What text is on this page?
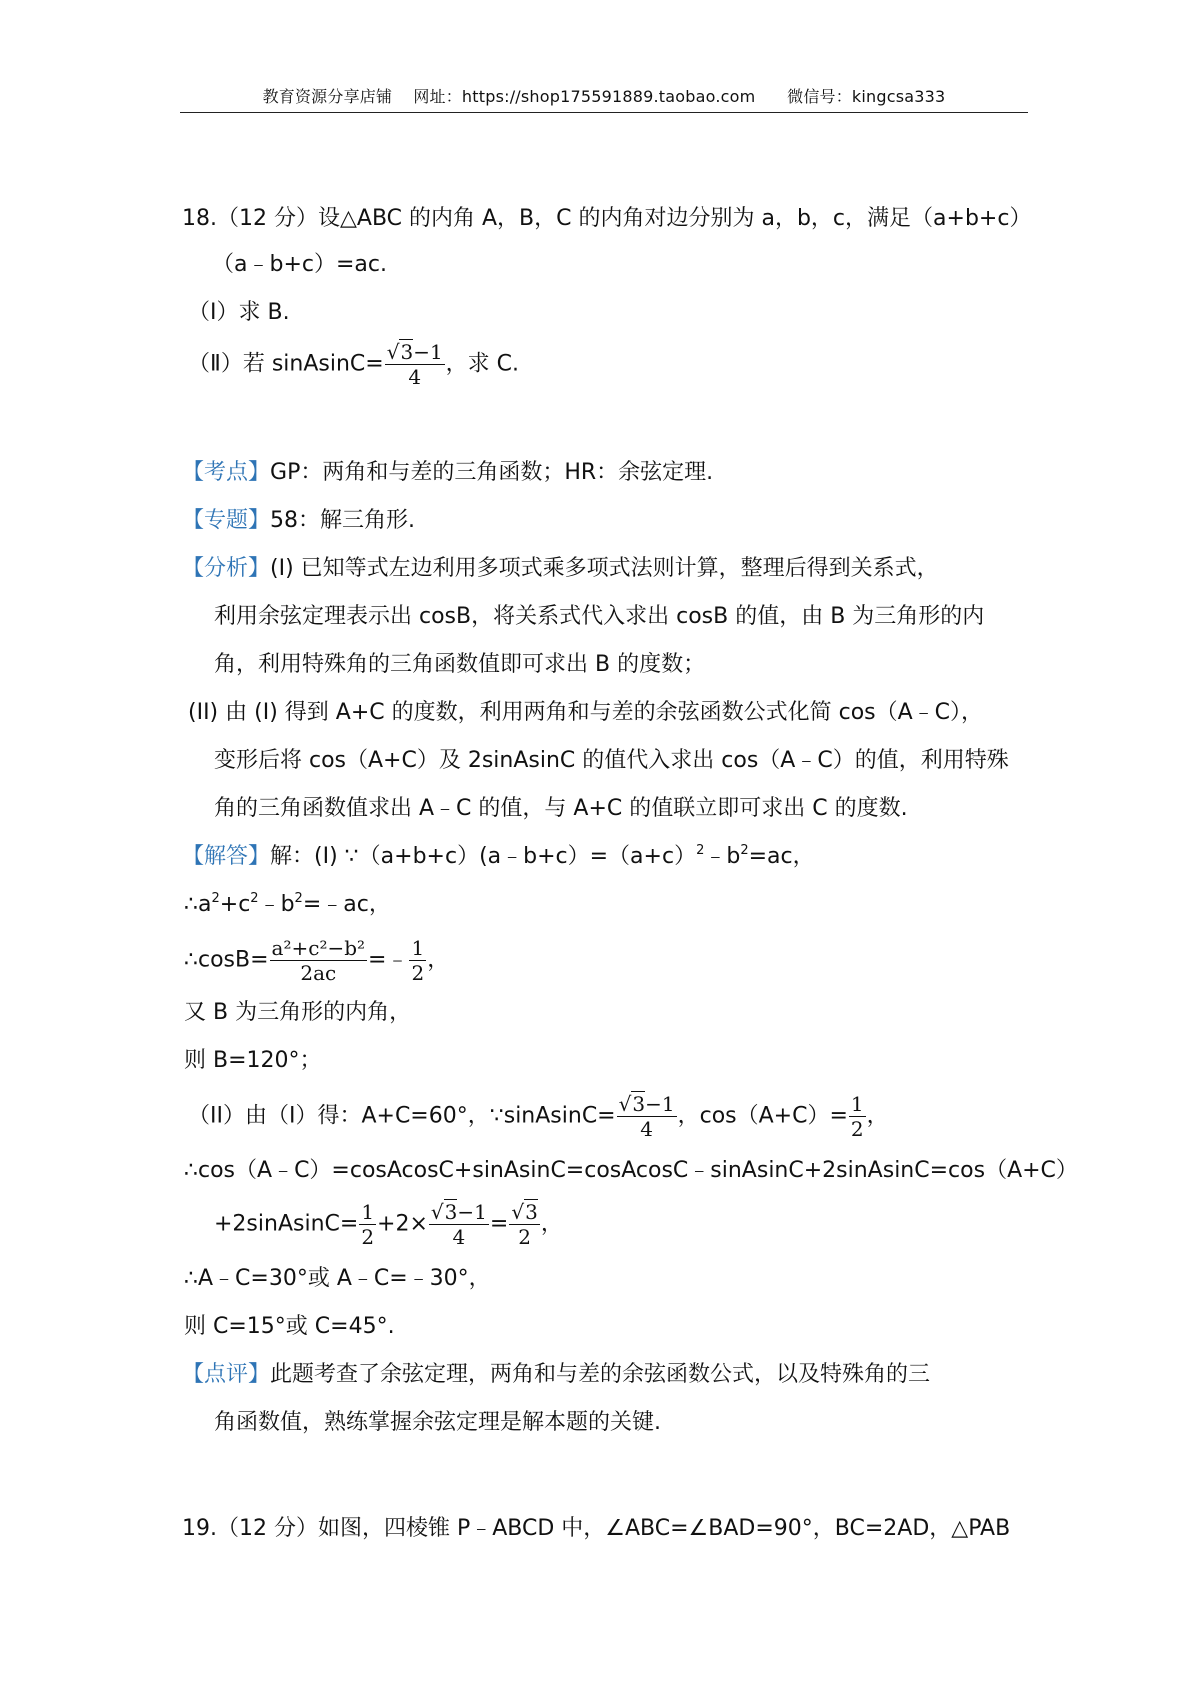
教育资源分享店铺 网址：https://shop175591889.taobao.com 微信号：kingcsa333
18.（12 分）设△ABC 的内角 A，B，C 的内角对边分别为 a，b，c，满足（a+b+c）
（a﹣b+c）=ac.
（Ⅰ）求 B.
（Ⅱ）若 sinAsinC= $\frac{√3-1}{4}$ ，求 C.
【考点】GP：两角和与差的三角函数；HR：余弦定理.
【专题】58：解三角形.
【分析】(I) 已知等式左边利用多项式乘多项式法则计算，整理后得到关系式，
利用余弦定理表示出 cosB，将关系式代入求出 cosB 的值，由 B 为三角形的内
角，利用特殊角的三角函数值即可求出 B 的度数；
(II) 由 (I) 得到 A+C 的度数，利用两角和与差的余弦函数公式化简 cos（A﹣C），
变形后将 cos（A+C）及 2sinAsinC 的值代入求出 cos（A﹣C）的值，利用特殊
角的三角函数值求出 A﹣C 的值，与 A+C 的值联立即可求出 C 的度数.
【解答】解：(I) $\because(a+b+c)(a﹣b+c)=(a+c)^2﹣b^2=ac$，
$\therefore a^2+c^2﹣b^2=﹣ac$，
∴cosB= $\frac{\text{a²+c²−b²}}{2ac}$ =﹣ $\frac{1}{2}$ ，
又 B 为三角形的内角，
则 B=120°；
（II）由（I）得：A+C=60°，∵sinAsinC= $\frac{√3-1}{4}$ ，$\cos(A+C)= \frac{1}{2}$ ，
∴cos（A﹣C）=cosAcosC+sinAsinC=cosAcosC﹣sinAsinC+2sinAsinC=cos（A+C）
+2sinAsinC= $\frac{1}{2} +2\times \frac{√3-1}{4} = \frac{√3}{2}$ ，
∴A﹣C=30°或 A﹣C=﹣30°，
则 C=15°或 C=45°.
【点评】此题考查了余弦定理，两角和与差的余弦函数公式，以及特殊角的三
角函数值，熟练掌握余弦定理是解本题的关键.
19.（12 分）如图，四棱锥 P﹣ABCD 中，∠ABC=∠BAD=90°，BC=2AD，△PAB
